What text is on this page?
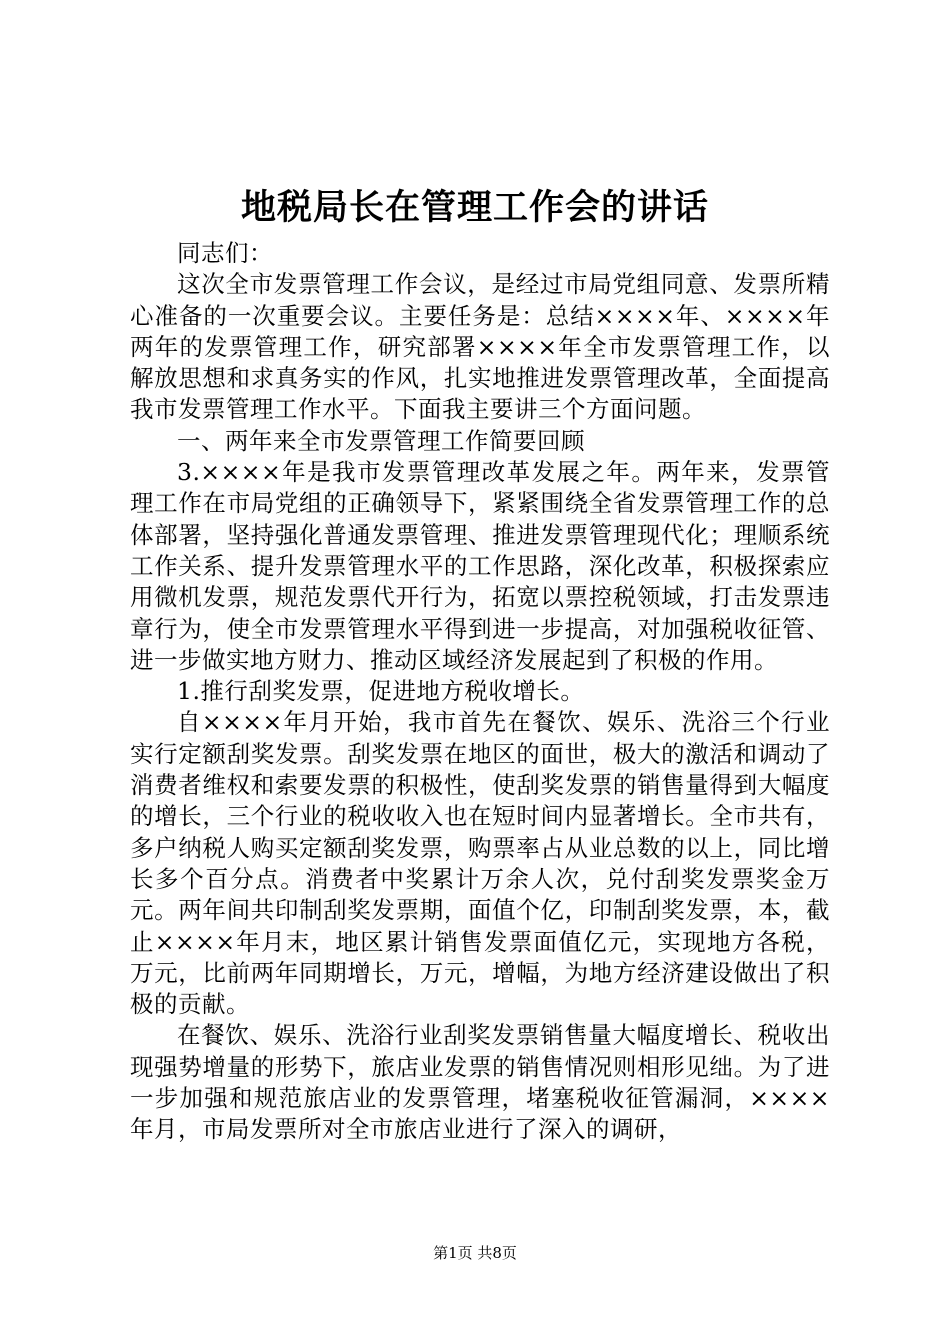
地税局长在管理工作会的讲话

同志们：

这次全市发票管理工作会议，是经过市局党组同意、发票所精心准备的一次重要会议。主要任务是：总结××××年、××××年两年的发票管理工作，研究部署××××年全市发票管理工作，以解放思想和求真务实的作风，扎实地推进发票管理改革，全面提高我市发票管理工作水平。下面我主要讲三个方面问题。

一、两年来全市发票管理工作简要回顾

3.××××年是我市发票管理改革发展之年。两年来，发票管理工作在市局党组的正确领导下，紧紧围绕全省发票管理工作的总体部署，坚持强化普通发票管理、推进发票管理现代化；理顺系统工作关系、提升发票管理水平的工作思路，深化改革，积极探索应用微机发票，规范发票代开行为，拓宽以票控税领域，打击发票违章行为，使全市发票管理水平得到进一步提高，对加强税收征管、进一步做实地方财力、推动区域经济发展起到了积极的作用。

1.推行刮奖发票，促进地方税收增长。

自××××年月开始，我市首先在餐饮、娱乐、洗浴三个行业实行定额刮奖发票。刮奖发票在地区的面世，极大的激活和调动了消费者维权和索要发票的积极性，使刮奖发票的销售量得到大幅度的增长，三个行业的税收收入也在短时间内显著增长。全市共有，多户纳税人购买定额刮奖发票，购票率占从业总数的以上，同比增长多个百分点。消费者中奖累计万余人次，兑付刮奖发票奖金万元。两年间共印制刮奖发票期，面值个亿，印制刮奖发票，本，截止××××年月末，地区累计销售发票面值亿元，实现地方各税，万元，比前两年同期增长，万元，增幅，为地方经济建设做出了积极的贡献。

在餐饮、娱乐、洗浴行业刮奖发票销售量大幅度增长、税收出现强势增量的形势下，旅店业发票的销售情况则相形见绌。为了进一步加强和规范旅店业的发票管理，堵塞税收征管漏洞，××××年月，市局发票所对全市旅店业进行了深入的调研，

第1页 共8页
